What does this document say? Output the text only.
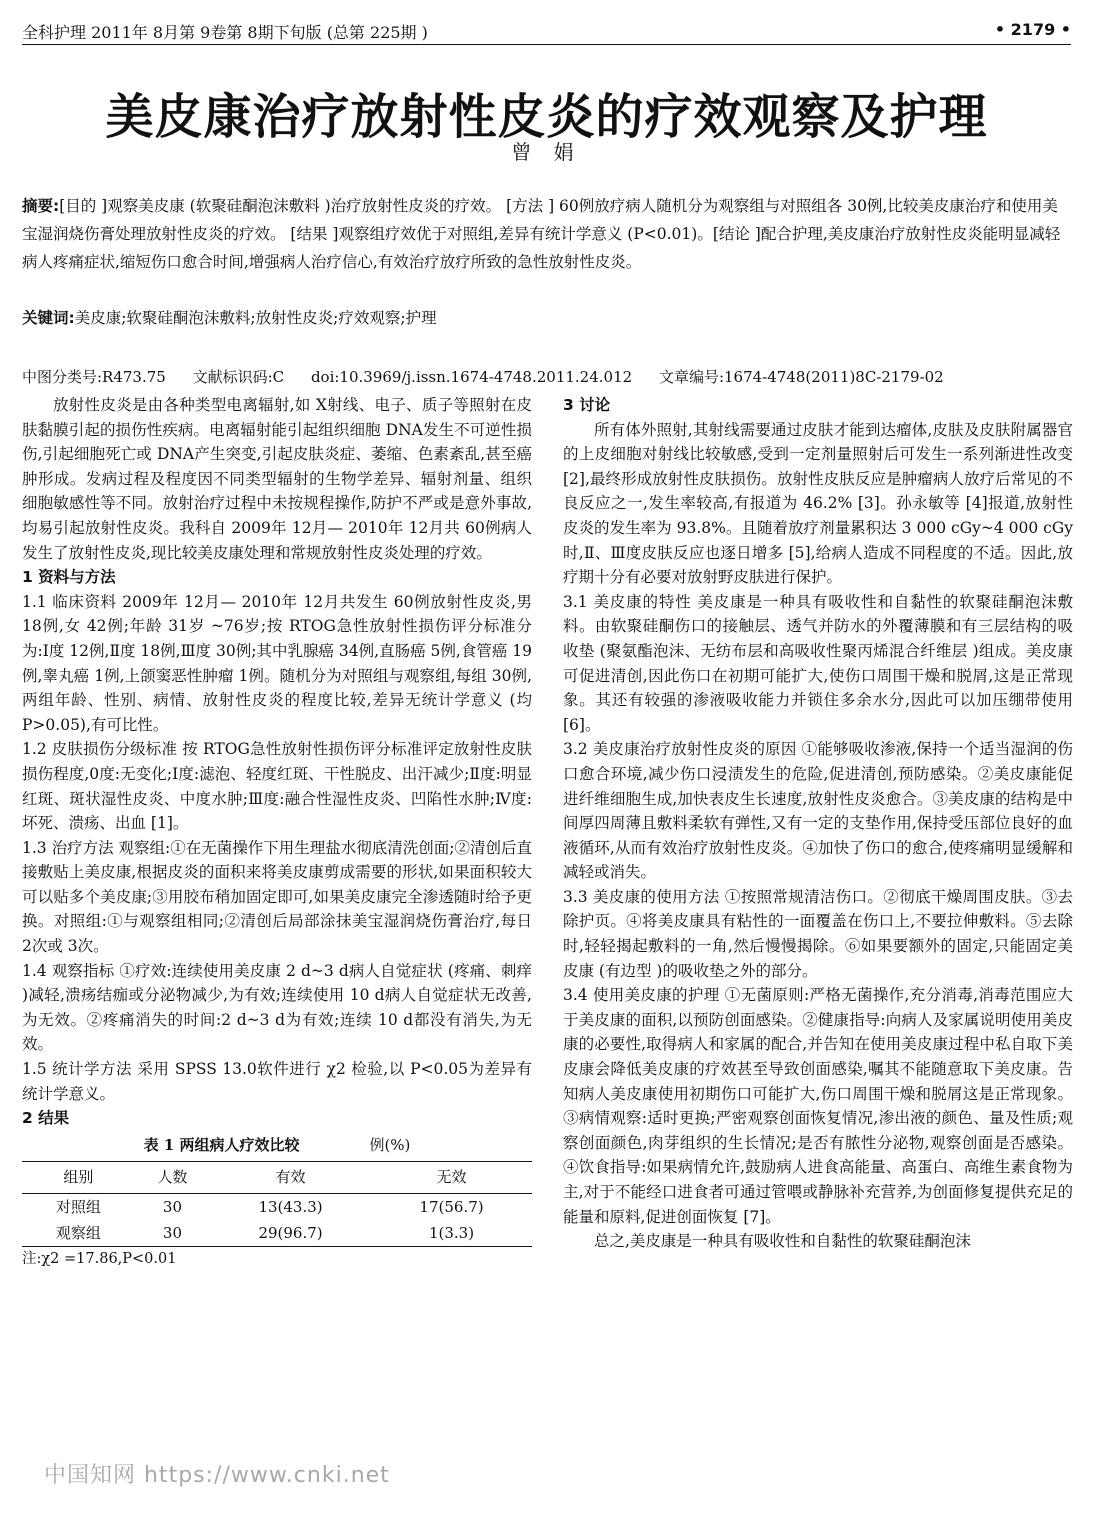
全科护理 2011年 8月第 9卷第 8期下旬版 (总第 225期 )	• 2179 •
美皮康治疗放射性皮炎的疗效观察及护理
曾 娟
摘要:[目的 ]观察美皮康 (软聚硅酮泡沫敷料 )治疗放射性皮炎的疗效。 [方法 ] 60例放疗病人随机分为观察组与对照组各 30例,比较美皮康治疗和使用美宝湿润烧伤膏处理放射性皮炎的疗效。 [结果 ]观察组疗效优于对照组,差异有统计学意义 (P<0.01)。[结论 ]配合护理,美皮康治疗放射性皮炎能明显减轻病人疼痛症状,缩短伤口愈合时间,增强病人治疗信心,有效治疗放疗所致的急性放射性皮炎。
关键词:美皮康;软聚硅酮泡沫敷料;放射性皮炎;疗效观察;护理
中图分类号:R473.75 文献标识码:C doi:10.3969/j.issn.1674-4748.2011.24.012 文章编号:1674-4748(2011)8C-2179-02

放射性皮炎是由各种类型电离辐射,如 X射线、电子、质子等照射在皮肤黏膜引起的损伤性疾病。电离辐射能引起组织细胞 DNA发生不可逆性损伤,引起细胞死亡或 DNA产生突变,引起皮肤炎症、萎缩、色素紊乱,甚至癌肿形成。发病过程及程度因不同类型辐射的生物学差异、辐射剂量、组织细胞敏感性等不同。放射治疗过程中未按规程操作,防护不严或是意外事故,均易引起放射性皮炎。我科自 2009年 12月— 2010年 12月共 60例病人发生了放射性皮炎,现比较美皮康处理和常规放射性皮炎处理的疗效。

1 资料与方法

1.1 临床资料 2009年 12月— 2010年 12月共发生 60例放射性皮炎,男 18例,女 42例;年龄 31岁 ~76岁;按 RTOG急性放射性损伤评分标准分为:Ⅰ度 12例,Ⅱ度 18例,Ⅲ度 30例;其中乳腺癌 34例,直肠癌 5例,食管癌 19例,睾丸癌 1例,上颌窦恶性肿瘤 1例。随机分为对照组与观察组,每组 30例,两组年龄、性别、病情、放射性皮炎的程度比较,差异无统计学意义 (均 P>0.05),有可比性。

1.2 皮肤损伤分级标准 按 RTOG急性放射性损伤评分标准评定放射性皮肤损伤程度,0度:无变化;Ⅰ度:滤泡、轻度红斑、干性脱皮、出汗减少;Ⅱ度:明显红斑、斑状湿性皮炎、中度水肿;Ⅲ度:融合性湿性皮炎、凹陷性水肿;Ⅳ度:坏死、溃疡、出血 [1]。

1.3 治疗方法 观察组:①在无菌操作下用生理盐水彻底清洗创面;②清创后直接敷贴上美皮康,根据皮炎的面积来将美皮康剪成需要的形状,如果面积较大可以贴多个美皮康;③用胶布稍加固定即可,如果美皮康完全渗透随时给予更换。对照组:①与观察组相同;②清创后局部涂抹美宝湿润烧伤膏治疗,每日 2次或 3次。

1.4 观察指标 ①疗效:连续使用美皮康 2 d~3 d病人自觉症状 (疼痛、刺痒 )减轻,溃疡结痂或分泌物减少,为有效;连续使用 10 d病人自觉症状无改善,为无效。②疼痛消失的时间:2 d~3 d为有效;连续 10 d都没有消失,为无效。

1.5 统计学方法 采用 SPSS 13.0软件进行 χ2 检验,以 P<0.05为差异有统计学意义。

2 结果

表 1 两组病人疗效比较	例(%)
组别	人数	有效	无效
对照组	30	13(43.3)	17(56.7)
观察组	30	29(96.7)	1(3.3)

注:χ2 =17.86,P<0.01

3 讨论

所有体外照射,其射线需要通过皮肤才能到达瘤体,皮肤及皮肤附属器官的上皮细胞对射线比较敏感,受到一定剂量照射后可发生一系列渐进性改变 [2],最终形成放射性皮肤损伤。放射性皮肤反应是肿瘤病人放疗后常见的不良反应之一,发生率较高,有报道为 46.2% [3]。孙永敏等 [4]报道,放射性皮炎的发生率为 93.8%。且随着放疗剂量累积达 3 000 cGy~4 000 cGy时,Ⅱ、Ⅲ度皮肤反应也逐日增多 [5],给病人造成不同程度的不适。因此,放疗期十分有必要对放射野皮肤进行保护。

3.1 美皮康的特性 美皮康是一种具有吸收性和自黏性的软聚硅酮泡沫敷料。由软聚硅酮伤口的接触层、透气并防水的外覆薄膜和有三层结构的吸收垫 (聚氨酯泡沫、无纺布层和高吸收性聚丙烯混合纤维层 )组成。美皮康可促进清创,因此伤口在初期可能扩大,使伤口周围干燥和脱屑,这是正常现象。其还有较强的渗液吸收能力并锁住多余水分,因此可以加压绷带使用 [6]。

3.2 美皮康治疗放射性皮炎的原因 ①能够吸收渗液,保持一个适当湿润的伤口愈合环境,减少伤口浸渍发生的危险,促进清创,预防感染。②美皮康能促进纤维细胞生成,加快表皮生长速度,放射性皮炎愈合。③美皮康的结构是中间厚四周薄且敷料柔软有弹性,又有一定的支垫作用,保持受压部位良好的血液循环,从而有效治疗放射性皮炎。④加快了伤口的愈合,使疼痛明显缓解和减轻或消失。

3.3 美皮康的使用方法 ①按照常规清洁伤口。②彻底干燥周围皮肤。③去除护页。④将美皮康具有粘性的一面覆盖在伤口上,不要拉伸敷料。⑤去除时,轻轻揭起敷料的一角,然后慢慢揭除。⑥如果要额外的固定,只能固定美皮康 (有边型 )的吸收垫之外的部分。

3.4 使用美皮康的护理 ①无菌原则:严格无菌操作,充分消毒,消毒范围应大于美皮康的面积,以预防创面感染。②健康指导:向病人及家属说明使用美皮康的必要性,取得病人和家属的配合,并告知在使用美皮康过程中私自取下美皮康会降低美皮康的疗效甚至导致创面感染,嘱其不能随意取下美皮康。告知病人美皮康使用初期伤口可能扩大,伤口周围干燥和脱屑这是正常现象。③病情观察:适时更换;严密观察创面恢复情况,渗出液的颜色、量及性质;观察创面颜色,肉芽组织的生长情况;是否有脓性分泌物,观察创面是否感染。④饮食指导:如果病情允许,鼓励病人进食高能量、高蛋白、高维生素食物为主,对于不能经口进食者可通过管喂或静脉补充营养,为创面修复提供充足的能量和原料,促进创面恢复 [7]。

总之,美皮康是一种具有吸收性和自黏性的软聚硅酮泡沫

中国知网 https://www.cnki.net
